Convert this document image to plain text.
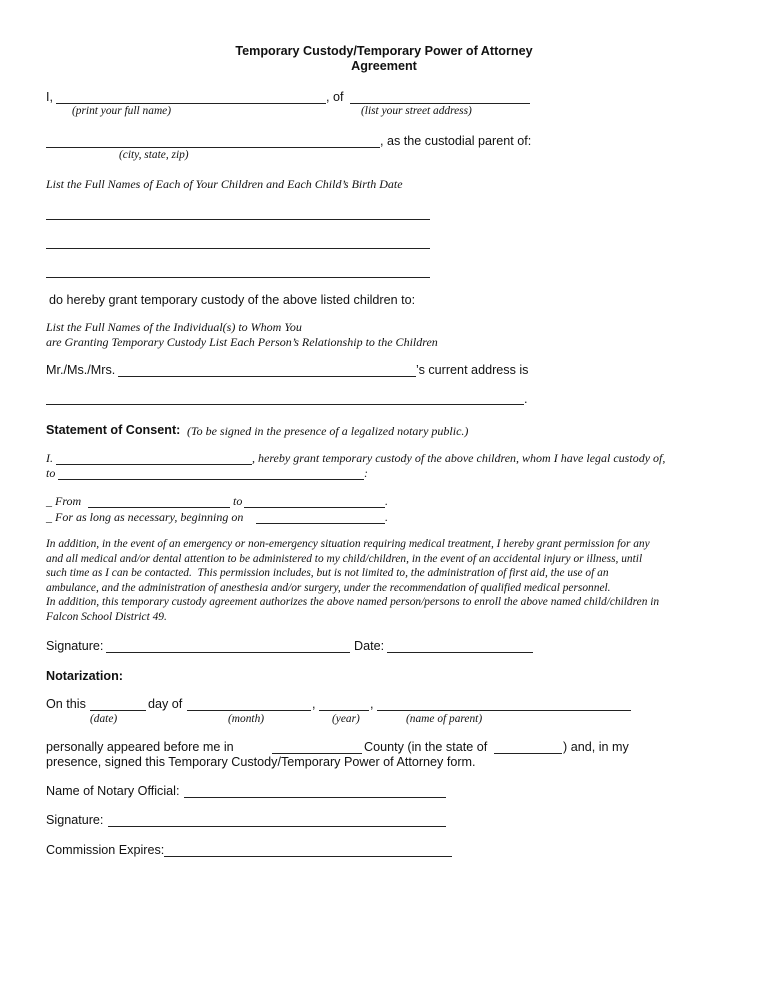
Temporary Custody/Temporary Power of Attorney
Agreement
I,	, of
(print your full name)	(list your street address)
, as the custodial parent of:
(city, state, zip)
List the Full Names of Each of Your Children and Each Child’s Birth Date
do hereby grant temporary custody of the above listed children to:
List the Full Names of the Individual(s) to Whom You
are Granting Temporary Custody List Each Person’s Relationship to the Children
Mr./Ms./Mrs.	’s current address is
.
Statement of Consent: (To be signed in the presence of a legalized notary public.)
I.	, hereby grant temporary custody of the above children, whom I have legal custody of,
to	:
_ From	to	.
_ For as long as necessary, beginning on	.
In addition, in the event of an emergency or non-emergency situation requiring medical treatment, I hereby grant permission for any
and all medical and/or dental attention to be administered to my child/children, in the event of an accidental injury or illness, until
such time as I can be contacted.  This permission includes, but is not limited to, the administration of first aid, the use of an
ambulance, and the administration of anesthesia and/or surgery, under the recommendation of qualified medical personnel.
In addition, this temporary custody agreement authorizes the above named person/persons to enroll the above named child/children in
Falcon School District 49.
Signature:	Date:
Notarization:
On this	day of	,	,
(date)	(month)	(year)	(name of parent)
personally appeared before me in	County (in the state of	) and, in my
presence, signed this Temporary Custody/Temporary Power of Attorney form.
Name of Notary Official:
Signature:
Commission Expires:
